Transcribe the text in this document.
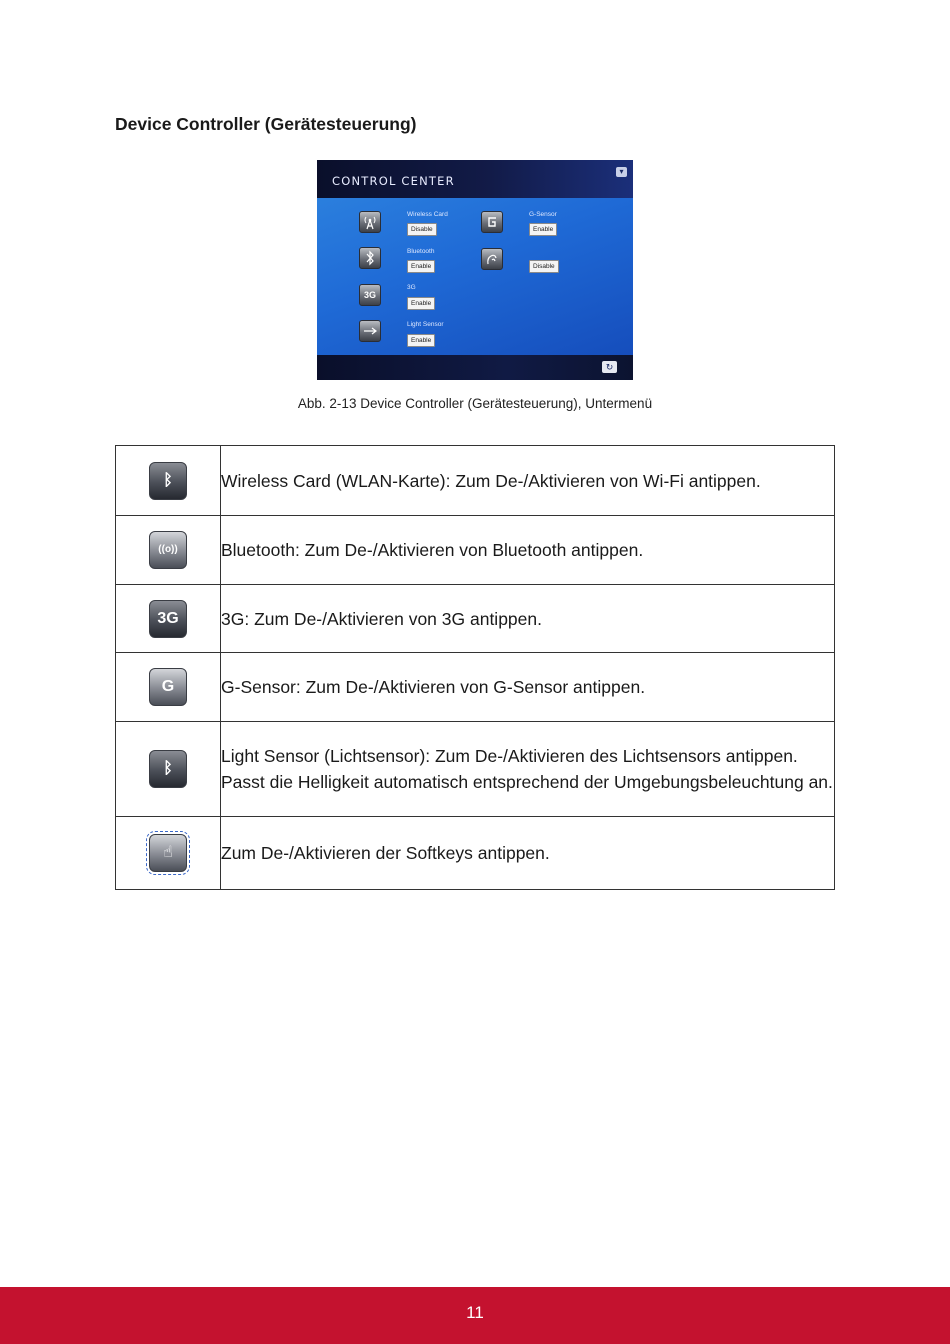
Device Controller (Gerätesteuerung)
CONTROL CENTER
▾
Wireless Card
Disable
Bluetooth
Enable
3G
3G
Enable
Light Sensor
Enable
G-Sensor
Enable
Disable
↻
Abb. 2-13 Device Controller (Gerätesteuerung), Untermenü
ᛒ	Wireless Card (WLAN-Karte): Zum De-/Aktivieren von Wi-Fi antippen.
((o))	Bluetooth: Zum De-/Aktivieren von Bluetooth antippen.
3G	3G: Zum De-/Aktivieren von 3G antippen.
G	G-Sensor: Zum De-/Aktivieren von G-Sensor antippen.
ᛒ	Light Sensor (Lichtsensor): Zum De-/Aktivieren des Lichtsensors antippen. Passt die Helligkeit automatisch entsprechend der Umgebungsbeleuchtung an.
☝	Zum De-/Aktivieren der Softkeys antippen.
11
